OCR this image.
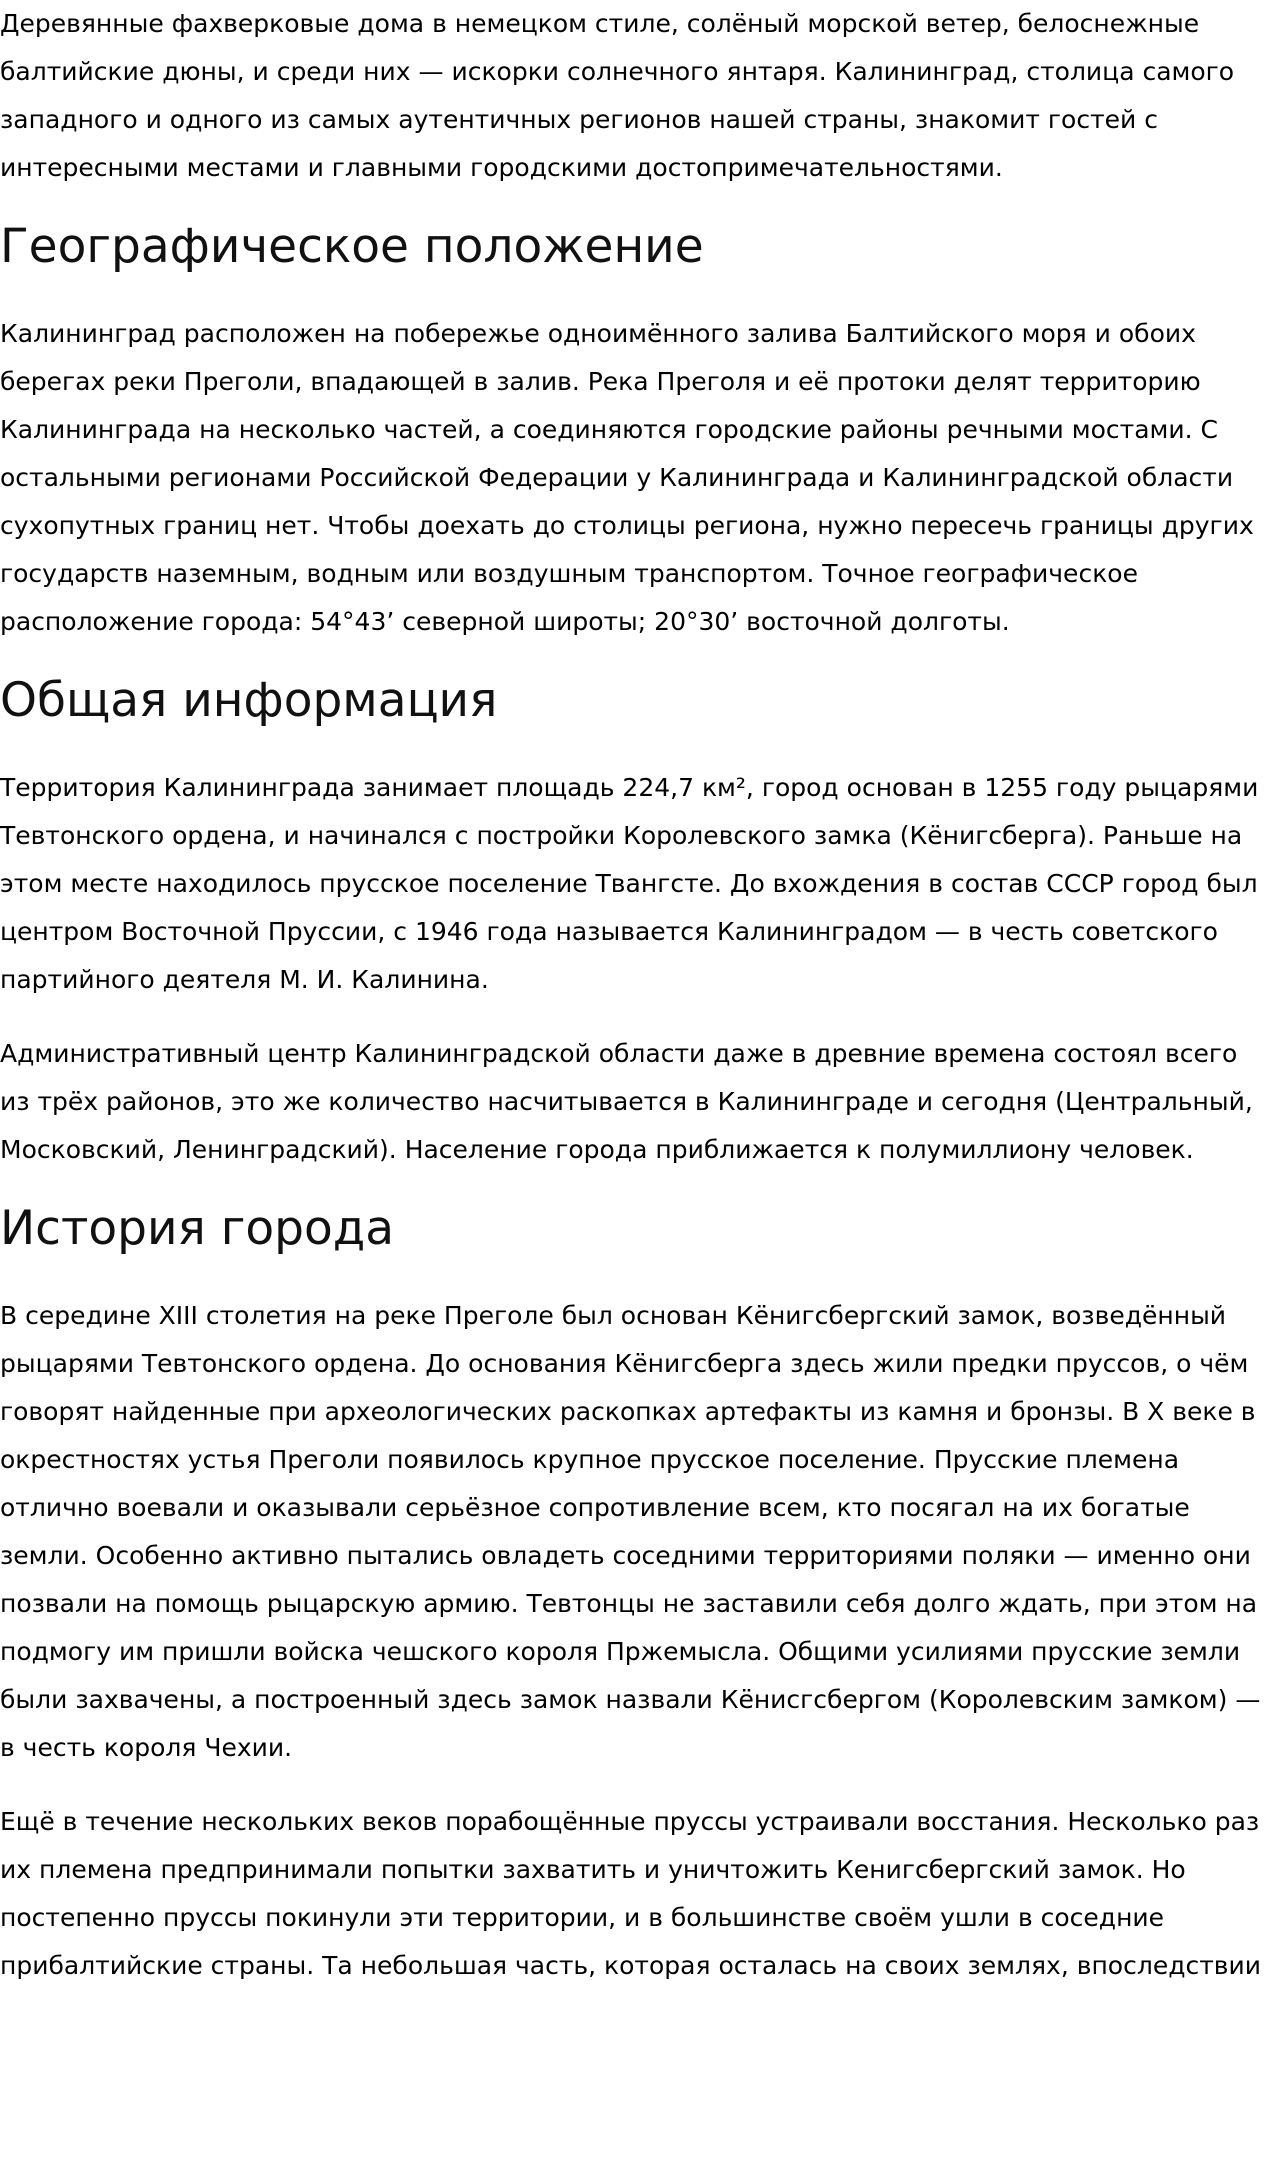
Деревянные фахверковые дома в немецком стиле, солёный морской ветер, белоснежные балтийские дюны, и среди них — искорки солнечного янтаря. Калининград, столица самого западного и одного из самых аутентичных регионов нашей страны, знакомит гостей с интересными местами и главными городскими достопримечательностями.

Географическое положение

Калининград расположен на побережье одноимённого залива Балтийского моря и обоих берегах реки Преголи, впадающей в залив. Река Преголя и её протоки делят территорию Калининграда на несколько частей, а соединяются городские районы речными мостами. С остальными регионами Российской Федерации у Калининграда и Калининградской области сухопутных границ нет. Чтобы доехать до столицы региона, нужно пересечь границы других государств наземным, водным или воздушным транспортом. Точное географическое расположение города: 54°43’ северной широты; 20°30’ восточной долготы.

Общая информация

Территория Калининграда занимает площадь 224,7 км², город основан в 1255 году рыцарями Тевтонского ордена, и начинался с постройки Королевского замка (Кёнигсберга). Раньше на этом месте находилось прусское поселение Твангсте. До вхождения в состав СССР город был центром Восточной Пруссии, с 1946 года называется Калининградом — в честь советского партийного деятеля М. И. Калинина.

Административный центр Калининградской области даже в древние времена состоял всего из трёх районов, это же количество насчитывается в Калининграде и сегодня (Центральный, Московский, Ленинградский). Население города приближается к полумиллиону человек.

История города

В середине XIII столетия на реке Преголе был основан Кёнигсбергский замок, возведённый рыцарями Тевтонского ордена. До основания Кёнигсберга здесь жили предки пруссов, о чём говорят найденные при археологических раскопках артефакты из камня и бронзы. В X веке в окрестностях устья Преголи появилось крупное прусское поселение. Прусские племена отлично воевали и оказывали серьёзное сопротивление всем, кто посягал на их богатые земли. Особенно активно пытались овладеть соседними территориями поляки — именно они позвали на помощь рыцарскую армию. Тевтонцы не заставили себя долго ждать, при этом на подмогу им пришли войска чешского короля Пржемысла. Общими усилиями прусские земли были захвачены, а построенный здесь замок назвали Кёнисгсбергом (Королевским замком) — в честь короля Чехии.

Ещё в течение нескольких веков порабощённые пруссы устраивали восстания. Несколько раз их племена предпринимали попытки захватить и уничтожить Кенигсбергский замок. Но постепенно пруссы покинули эти территории, и в большинстве своём ушли в соседние прибалтийские страны. Та небольшая часть, которая осталась на своих землях, впоследствии
